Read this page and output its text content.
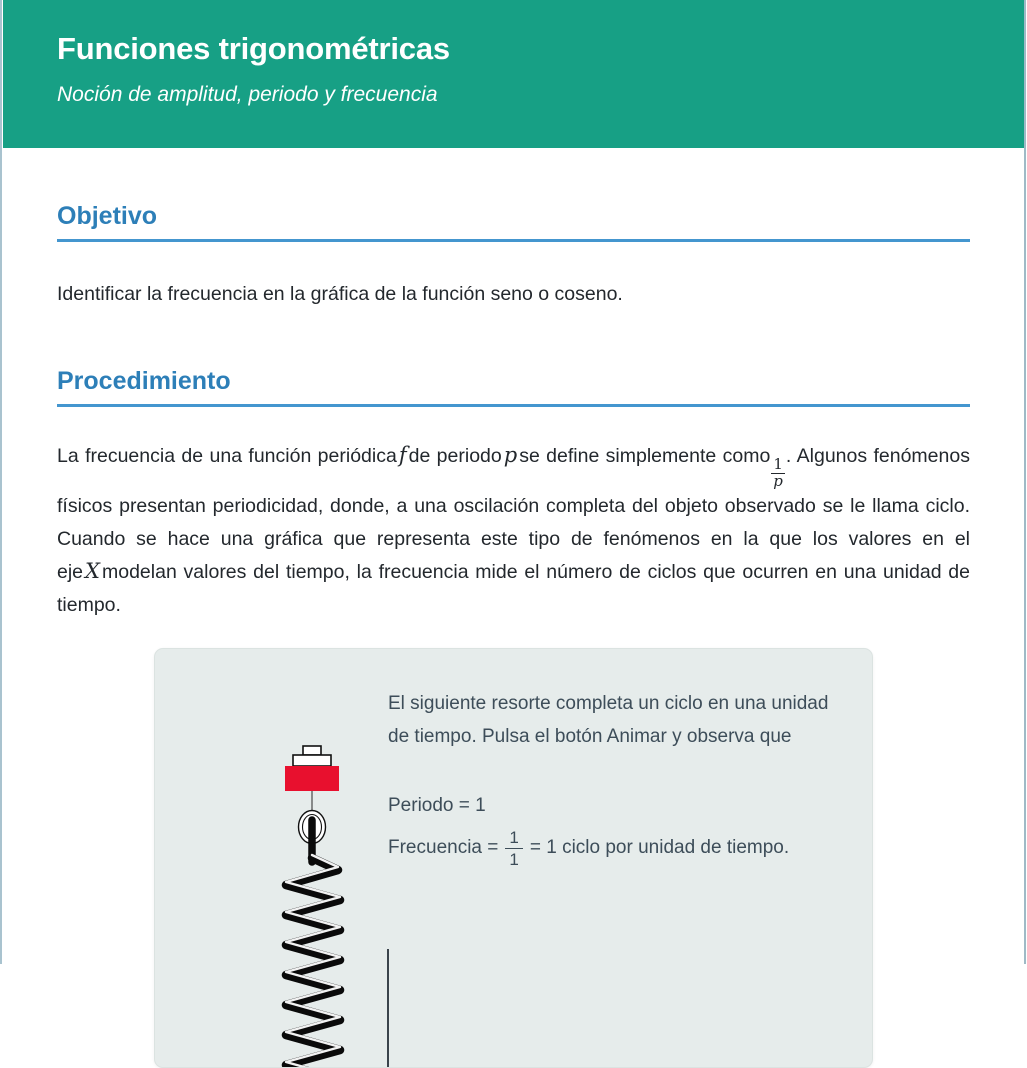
Funciones trigonométricas

Noción de amplitud, periodo y frecuencia

Objetivo

Identificar la frecuencia en la gráfica de la función seno o coseno.

Procedimiento

La frecuencia de una función periódicaf de periodop se define simplemente como
$\frac{1}{p}$
. Algunos fenómenos físicos presentan periodicidad, donde, a una oscilación completa del objeto observado se le llama ciclo. Cuando se hace una gráfica que representa este tipo de fenómenos en la que los valores en el ejeX modelan valores del tiempo, la frecuencia mide el número de ciclos que ocurren en una unidad de tiempo.

El siguiente resorte completa un ciclo en una unidad de tiempo. Pulsa el botón Animar y observa que

Periodo = 1

Frecuencia = $\frac{1}{1} = 1$ ciclo por unidad de tiempo.
